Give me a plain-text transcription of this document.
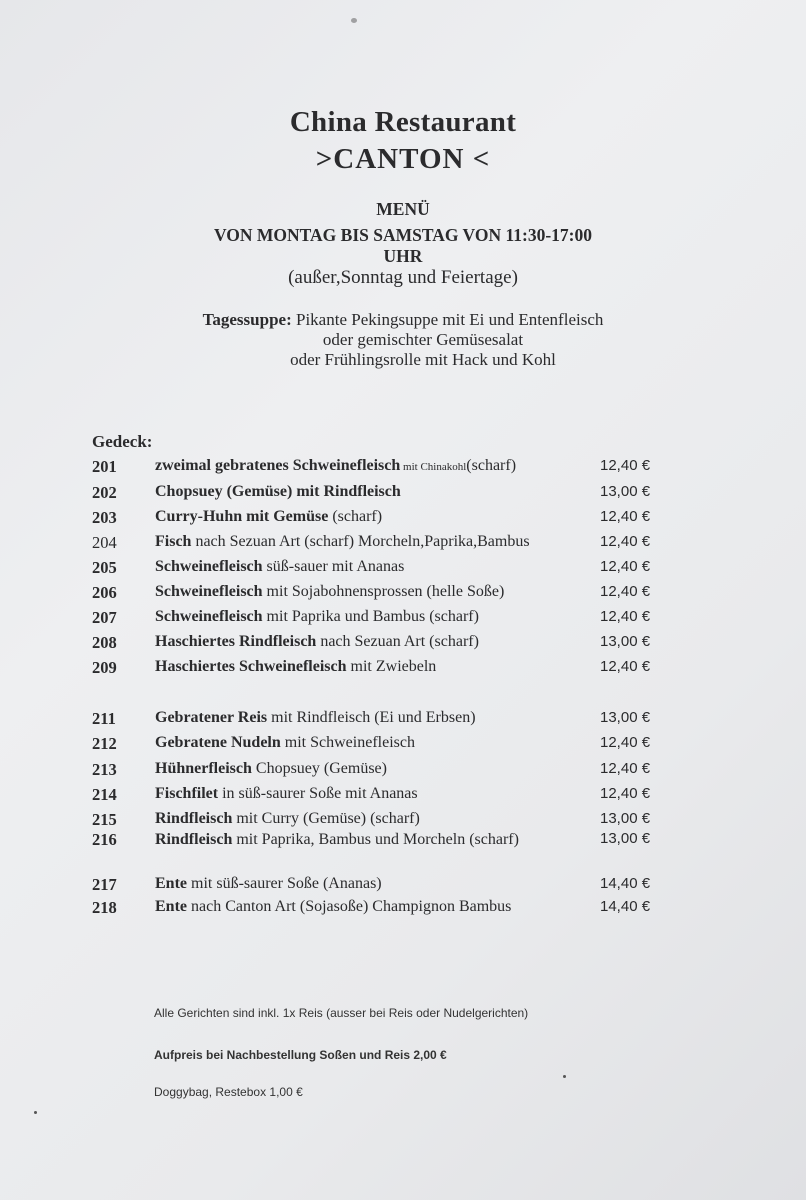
China Restaurant
>CANTON <
MENÜ
VON MONTAG BIS SAMSTAG VON 11:30-17:00
UHR
(außer,Sonntag und Feiertage)
Tagessuppe: Pikante Pekingsuppe mit Ei und Entenfleisch
oder gemischter Gemüsesalat
oder Frühlingsrolle mit Hack und Kohl
Gedeck:
201 zweimal gebratenes Schweinefleisch mit Chinakohl(scharf)	12,40 €
202 Chopsuey (Gemüse) mit Rindfleisch	13,00 €
203 Curry-Huhn mit Gemüse (scharf)	12,40 €
204 Fisch nach Sezuan Art (scharf) Morcheln,Paprika,Bambus	12,40 €
205 Schweinefleisch süß-sauer mit Ananas	12,40 €
206 Schweinefleisch mit Sojabohnensprossen (helle Soße)	12,40 €
207 Schweinefleisch mit Paprika und Bambus (scharf)	12,40 €
208 Haschiertes Rindfleisch nach Sezuan Art (scharf)	13,00 €
209 Haschiertes Schweinefleisch mit Zwiebeln	12,40 €
211 Gebratener Reis mit Rindfleisch (Ei und Erbsen)	13,00 €
212 Gebratene Nudeln mit Schweinefleisch	12,40 €
213 Hühnerfleisch Chopsuey (Gemüse)	12,40 €
214 Fischfilet in süß-saurer Soße mit Ananas	12,40 €
215 Rindfleisch mit Curry (Gemüse) (scharf)	13,00 €
216 Rindfleisch mit Paprika, Bambus und Morcheln (scharf)	13,00 €
217 Ente mit süß-saurer Soße (Ananas)	14,40 €
218 Ente nach Canton Art (Sojasoße) Champignon Bambus	14,40 €
Alle Gerichten sind inkl. 1x Reis (ausser bei Reis oder Nudelgerichten)
Aufpreis bei Nachbestellung Soßen und Reis 2,00 €
Doggybag, Restebox 1,00 €
